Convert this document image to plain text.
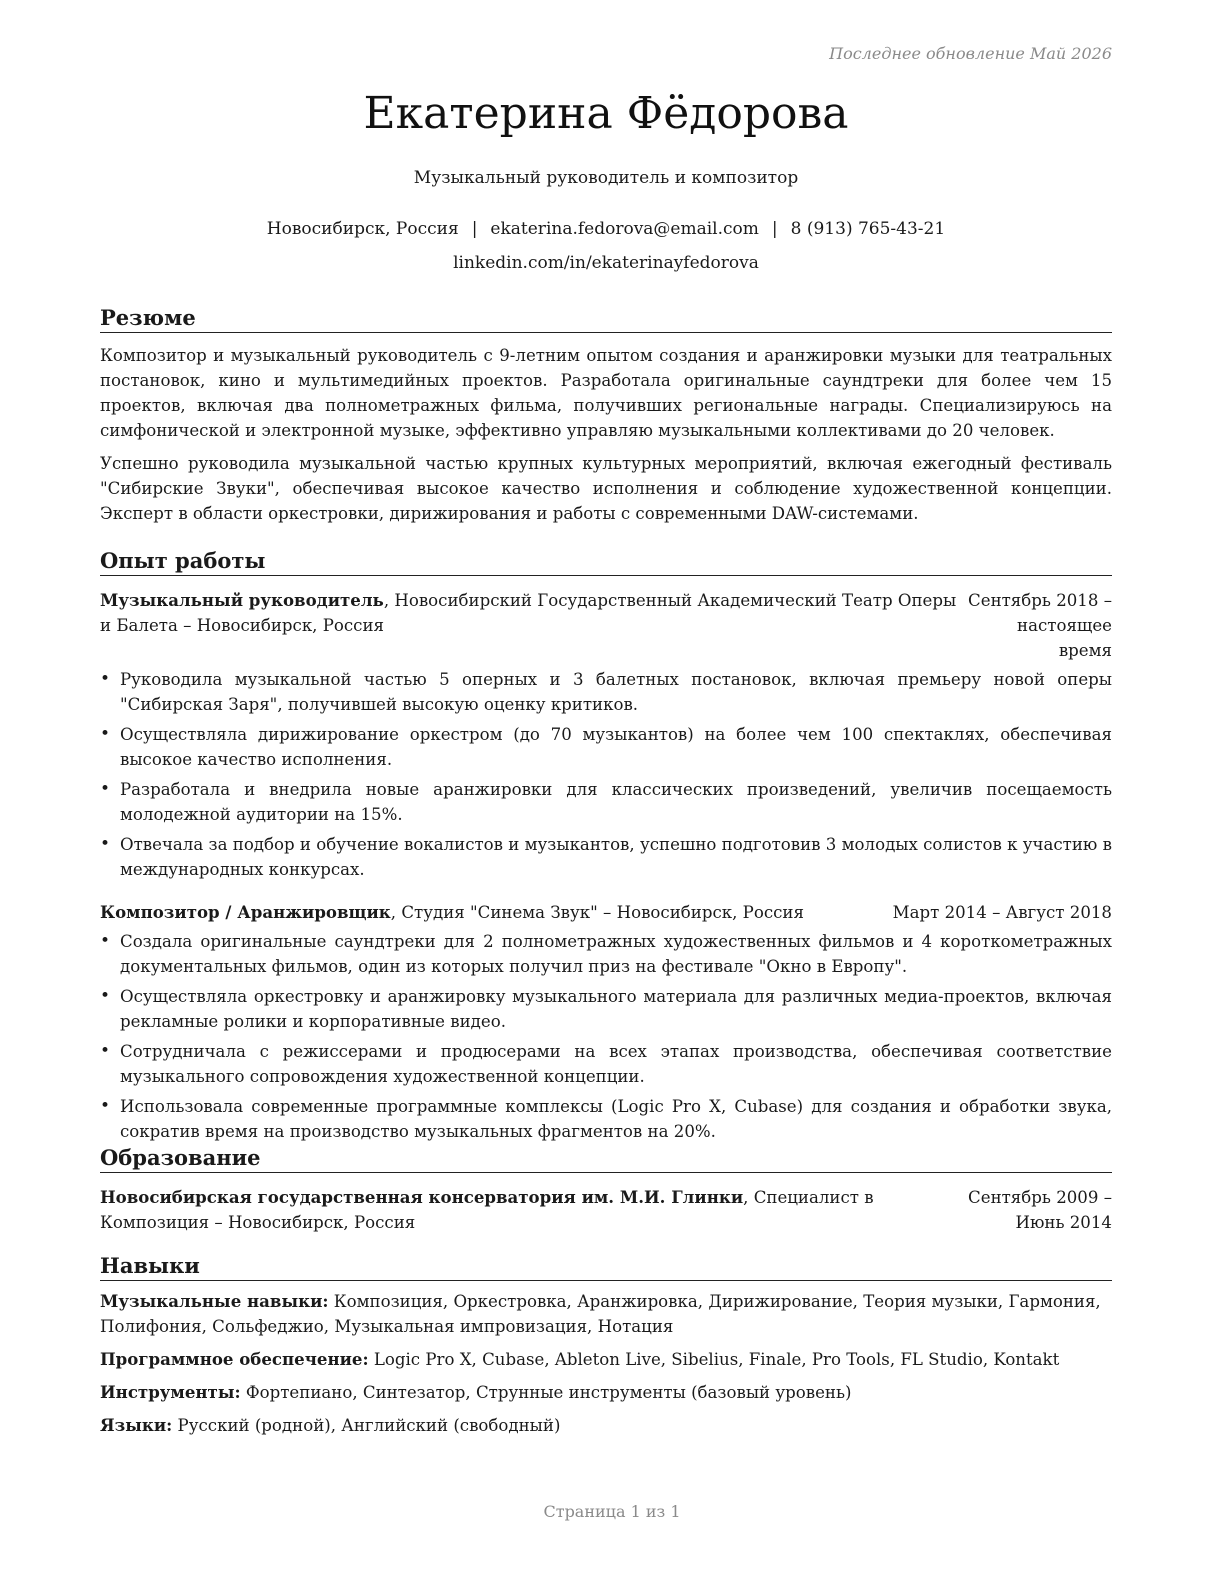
Последнее обновление Май 2026
Екатерина Фёдорова
Музыкальный руководитель и композитор
Новосибирск, Россия | ekaterina.fedorova@email.com | 8 (913) 765-43-21
linkedin.com/in/ekaterinayfedorova
Резюме

Композитор и музыкальный руководитель с 9-летним опытом создания и аранжировки музыки для театральных постановок, кино и мультимедийных проектов. Разработала оригинальные саундтреки для более чем 15 проектов, включая два полнометражных фильма, получивших региональные награды. Специализируюсь на симфонической и электронной музыке, эффективно управляю музыкальными коллективами до 20 человек.

Успешно руководила музыкальной частью крупных культурных мероприятий, включая ежегодный фестиваль "Сибирские Звуки", обеспечивая высокое качество исполнения и соблюдение художественной концепции. Эксперт в области оркестровки, дирижирования и работы с современными DAW-системами.

Опыт работы
Музыкальный руководитель, Новосибирский Государственный Академический Театр Оперы и Балета – Новосибирск, Россия
Сентябрь 2018 – настоящее время
• Руководила музыкальной частью 5 оперных и 3 балетных постановок, включая премьеру новой оперы "Сибирская Заря", получившей высокую оценку критиков.
• Осуществляла дирижирование оркестром (до 70 музыкантов) на более чем 100 спектаклях, обеспечивая высокое качество исполнения.
• Разработала и внедрила новые аранжировки для классических произведений, увеличив посещаемость молодежной аудитории на 15%.
• Отвечала за подбор и обучение вокалистов и музыкантов, успешно подготовив 3 молодых солистов к участию в международных конкурсах.
Композитор / Аранжировщик, Студия "Синема Звук" – Новосибирск, Россия	Март 2014 – Август 2018
• Создала оригинальные саундтреки для 2 полнометражных художественных фильмов и 4 короткометражных документальных фильмов, один из которых получил приз на фестивале "Окно в Европу".
• Осуществляла оркестровку и аранжировку музыкального материала для различных медиа-проектов, включая рекламные ролики и корпоративные видео.
• Сотрудничала с режиссерами и продюсерами на всех этапах производства, обеспечивая соответствие музыкального сопровождения художественной концепции.
• Использовала современные программные комплексы (Logic Pro X, Cubase) для создания и обработки звука, сократив время на производство музыкальных фрагментов на 20%.
Образование
Новосибирская государственная консерватория им. М.И. Глинки, Специалист в Композиция – Новосибирск, Россия
Сентябрь 2009 – Июнь 2014
Навыки
Музыкальные навыки: Композиция, Оркестровка, Аранжировка, Дирижирование, Теория музыки, Гармония, Полифония, Сольфеджио, Музыкальная импровизация, Нотация
Программное обеспечение: Logic Pro X, Cubase, Ableton Live, Sibelius, Finale, Pro Tools, FL Studio, Kontakt
Инструменты: Фортепиано, Синтезатор, Струнные инструменты (базовый уровень)
Языки: Русский (родной), Английский (свободный)
Страница 1 из 1
